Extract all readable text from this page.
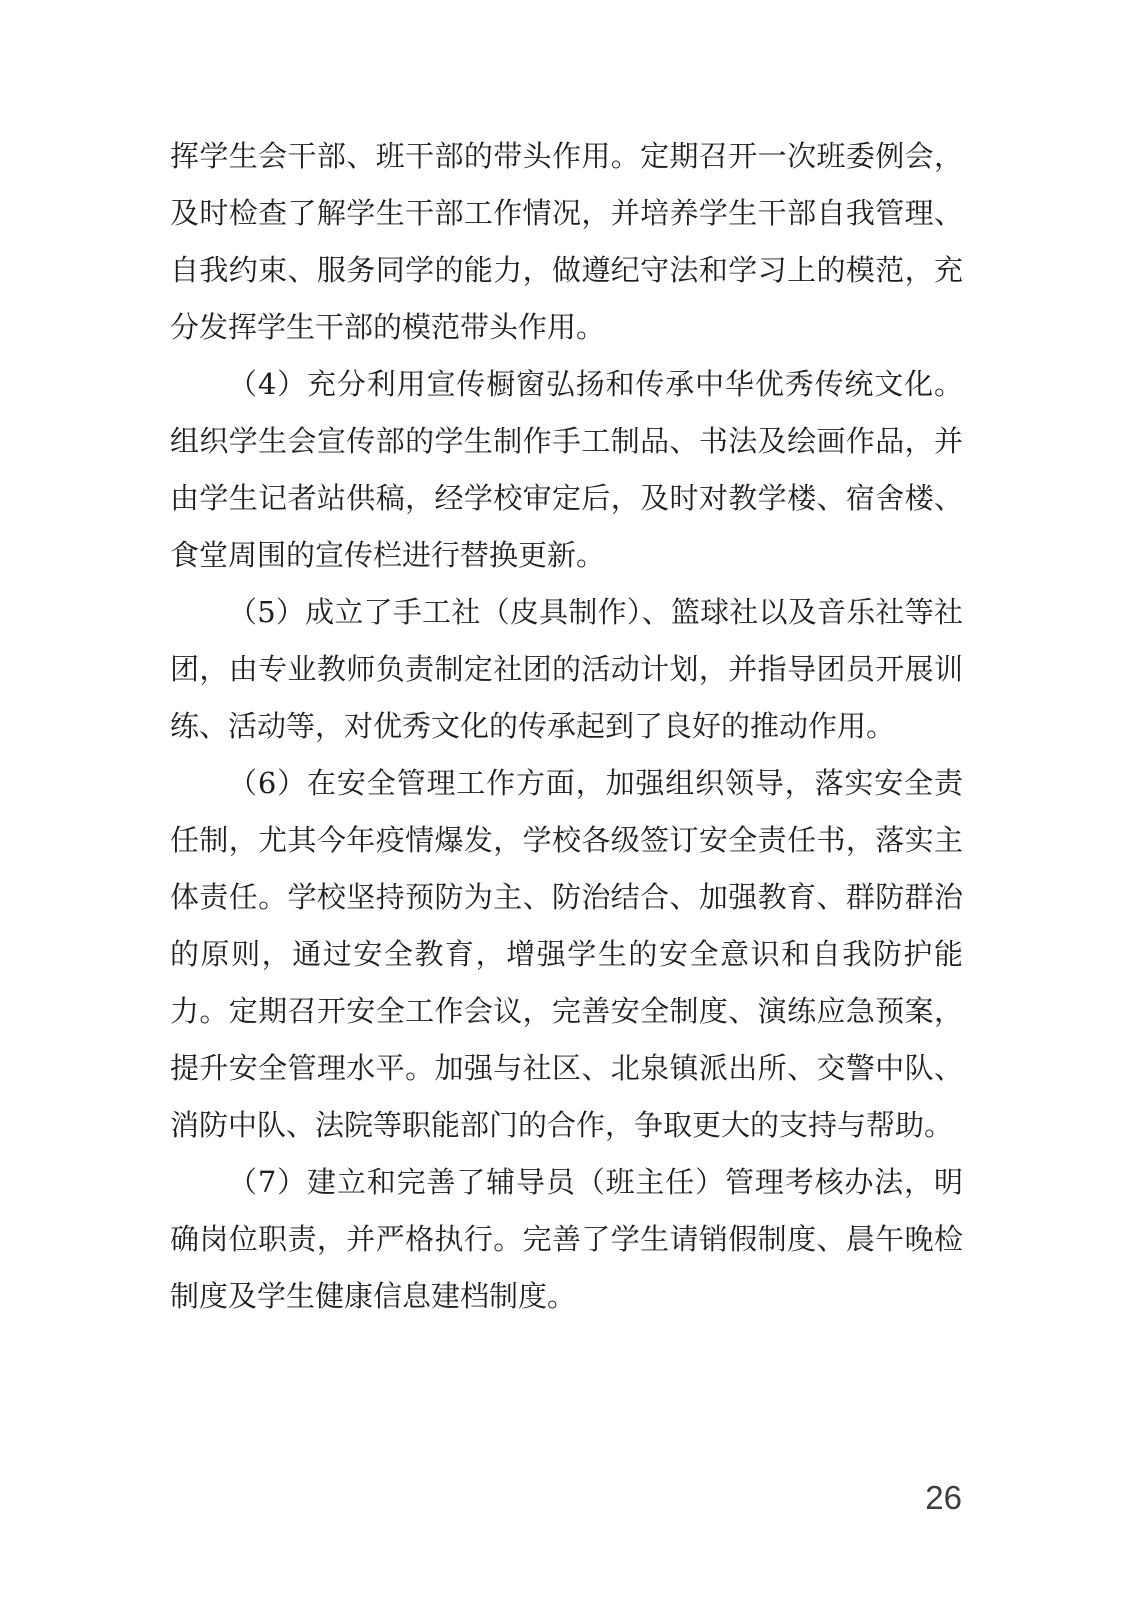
挥学生会干部、班干部的带头作用。定期召开一次班委例会，及时检查了解学生干部工作情况，并培养学生干部自我管理、自我约束、服务同学的能力，做遵纪守法和学习上的模范，充分发挥学生干部的模范带头作用。

（4）充分利用宣传橱窗弘扬和传承中华优秀传统文化。组织学生会宣传部的学生制作手工制品、书法及绘画作品，并由学生记者站供稿，经学校审定后，及时对教学楼、宿舍楼、食堂周围的宣传栏进行替换更新。

（5）成立了手工社（皮具制作）、篮球社以及音乐社等社团，由专业教师负责制定社团的活动计划，并指导团员开展训练、活动等，对优秀文化的传承起到了良好的推动作用。

（6）在安全管理工作方面，加强组织领导，落实安全责任制，尤其今年疫情爆发，学校各级签订安全责任书，落实主体责任。学校坚持预防为主、防治结合、加强教育、群防群治的原则，通过安全教育，增强学生的安全意识和自我防护能力。定期召开安全工作会议，完善安全制度、演练应急预案，提升安全管理水平。加强与社区、北泉镇派出所、交警中队、消防中队、法院等职能部门的合作，争取更大的支持与帮助。

（7）建立和完善了辅导员（班主任）管理考核办法，明确岗位职责，并严格执行。完善了学生请销假制度、晨午晚检制度及学生健康信息建档制度。

26
